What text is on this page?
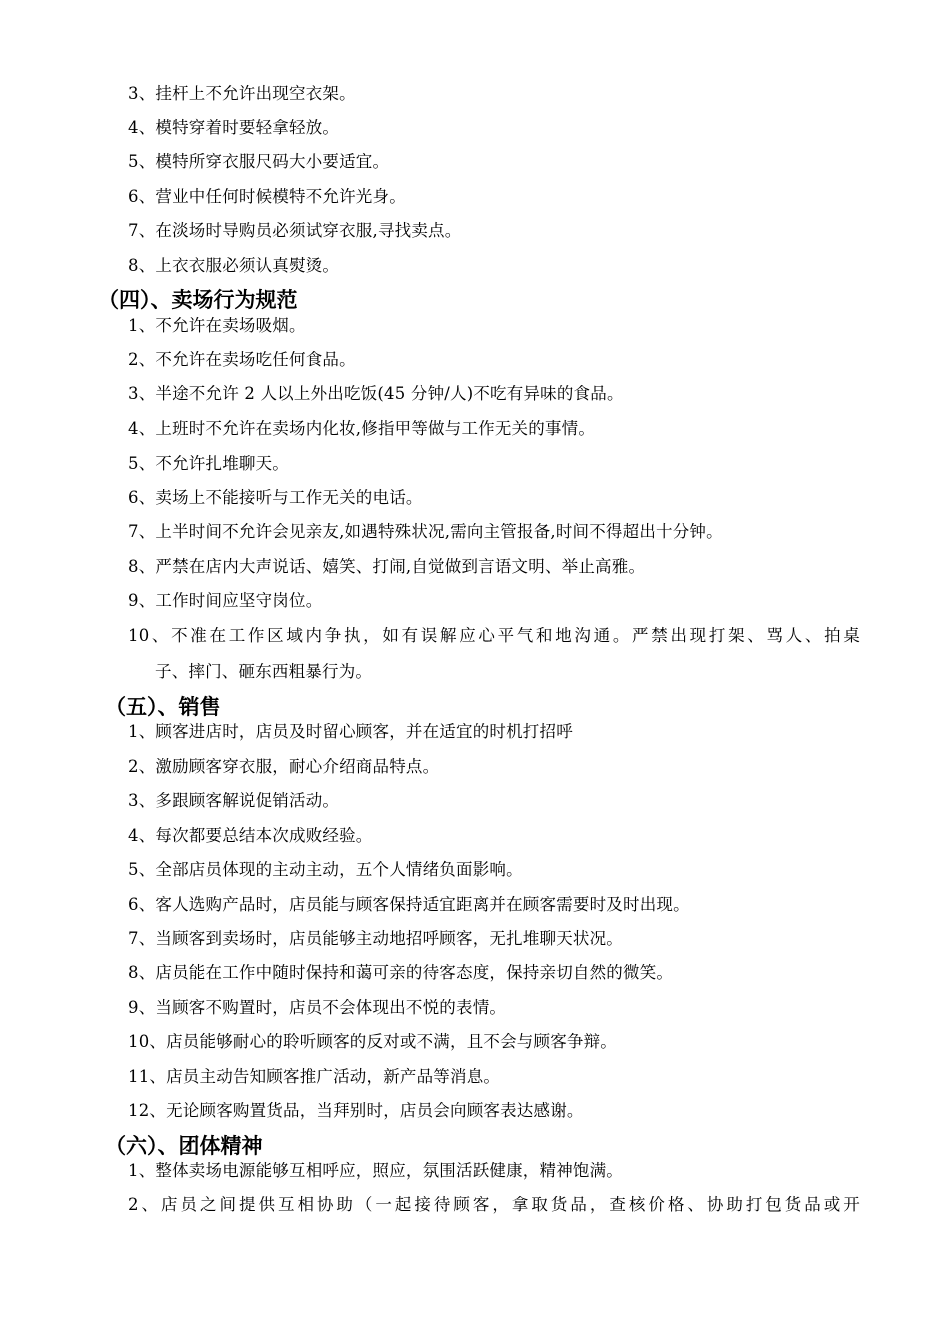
3、挂杆上不允许出现空衣架。
4、模特穿着时要轻拿轻放。
5、模特所穿衣服尺码大小要适宜。
6、营业中任何时候模特不允许光身。
7、在淡场时导购员必须试穿衣服,寻找卖点。
8、上衣衣服必须认真熨烫。
（四）、卖场行为规范
1、不允许在卖场吸烟。
2、不允许在卖场吃任何食品。
3、半途不允许 2 人以上外出吃饭(45 分钟/人)不吃有异味的食品。
4、上班时不允许在卖场内化妆,修指甲等做与工作无关的事情。
5、不允许扎堆聊天。
6、卖场上不能接听与工作无关的电话。
7、上半时间不允许会见亲友,如遇特殊状况,需向主管报备,时间不得超出十分钟。
8、严禁在店内大声说话、嬉笑、打闹,自觉做到言语文明、举止高雅。
9、工作时间应坚守岗位。
10、不准在工作区域内争执，如有误解应心平气和地沟通。严禁出现打架、骂人、拍桌
子、摔门、砸东西粗暴行为。
（五）、销售
1、顾客进店时，店员及时留心顾客，并在适宜的时机打招呼
2、激励顾客穿衣服，耐心介绍商品特点。
3、多跟顾客解说促销活动。
4、每次都要总结本次成败经验。
5、全部店员体现的主动主动，五个人情绪负面影响。
6、客人选购产品时，店员能与顾客保持适宜距离并在顾客需要时及时出现。
7、当顾客到卖场时，店员能够主动地招呼顾客，无扎堆聊天状况。
8、店员能在工作中随时保持和蔼可亲的待客态度，保持亲切自然的微笑。
9、当顾客不购置时，店员不会体现出不悦的表情。
10、店员能够耐心的聆听顾客的反对或不满，且不会与顾客争辩。
11、店员主动告知顾客推广活动，新产品等消息。
12、无论顾客购置货品，当拜别时，店员会向顾客表达感谢。
（六）、团体精神
1、整体卖场电源能够互相呼应，照应，氛围活跃健康，精神饱满。
2、店员之间提供互相协助（一起接待顾客，拿取货品，查核价格、协助打包货品或开
